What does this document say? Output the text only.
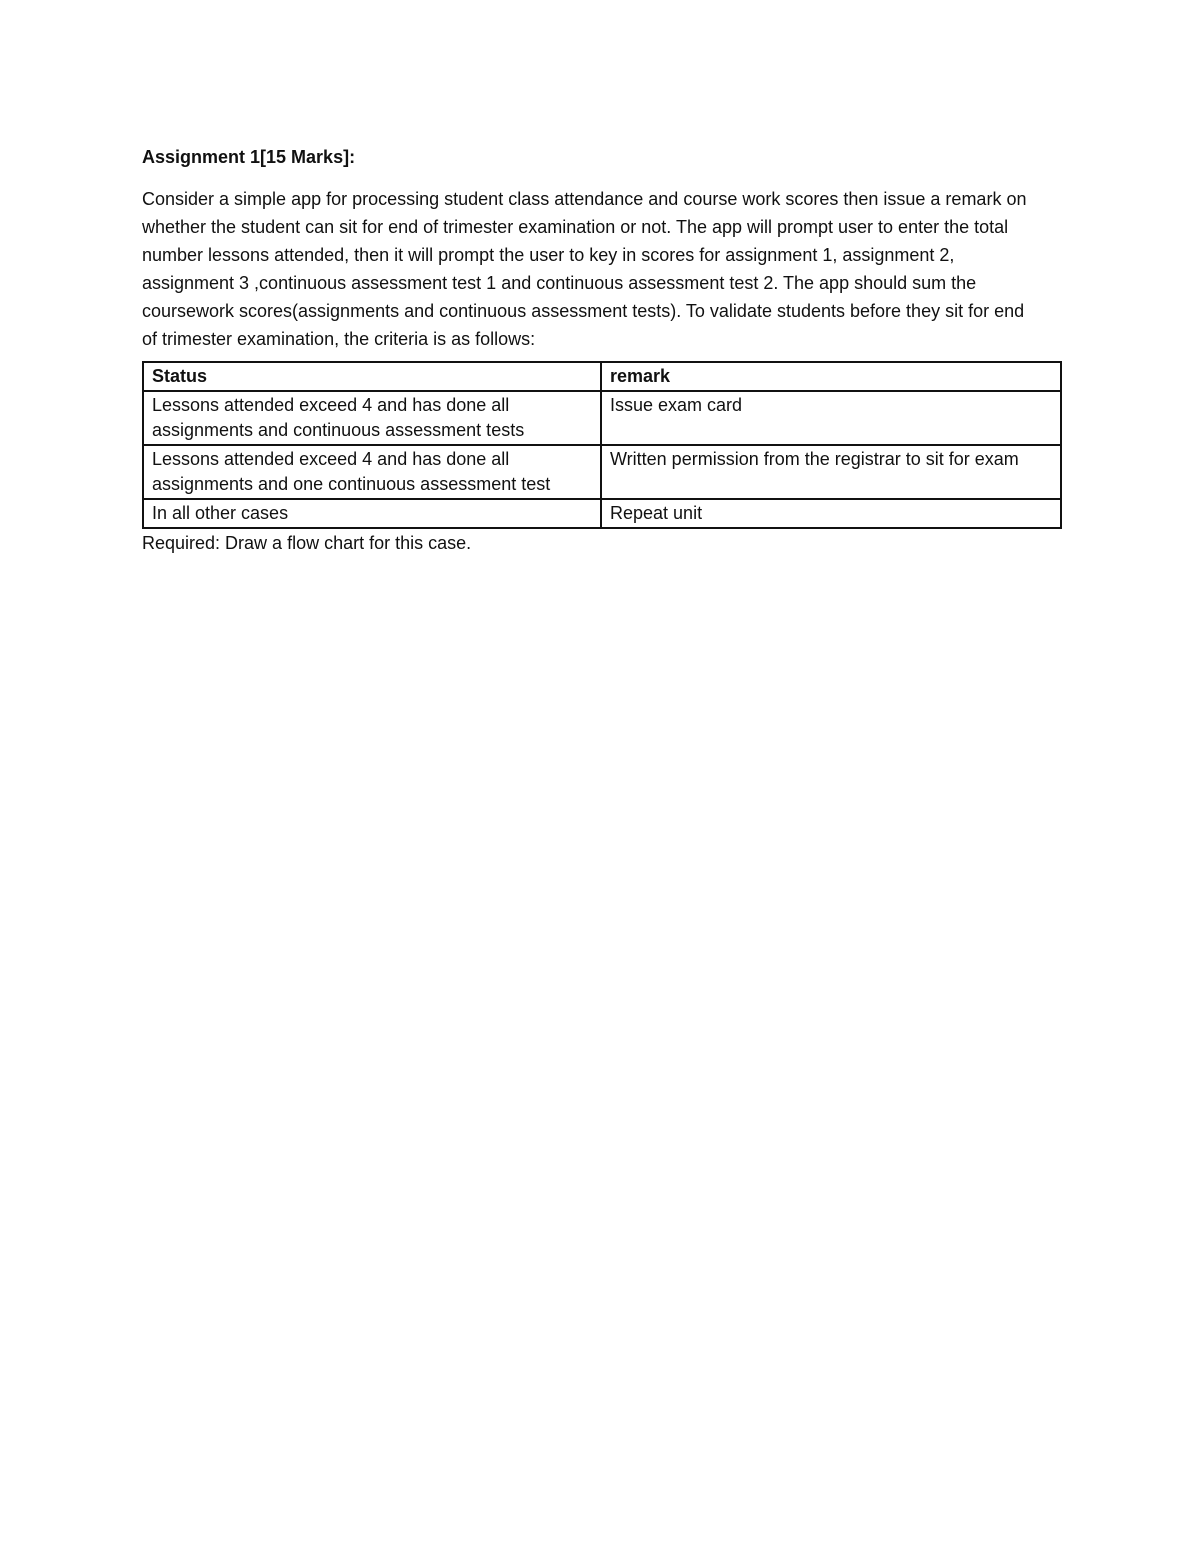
Assignment 1[15 Marks]:

Consider a simple app for processing student class attendance and course work scores then issue a remark on whether the student can sit for end of trimester examination or not. The app will prompt user to enter the total number lessons attended, then it will prompt the user to key in scores for assignment 1, assignment 2, assignment 3 ,continuous assessment test 1 and continuous assessment test 2. The app should sum the coursework scores(assignments and continuous assessment tests). To validate students before they sit for end of trimester examination, the criteria is as follows:

Status	remark
Lessons attended exceed 4 and has done all assignments and continuous assessment tests	Issue exam card
Lessons attended exceed 4 and has done all assignments and one continuous assessment test	Written permission from the registrar to sit for exam
In all other cases	Repeat unit

Required: Draw a flow chart for this case.
